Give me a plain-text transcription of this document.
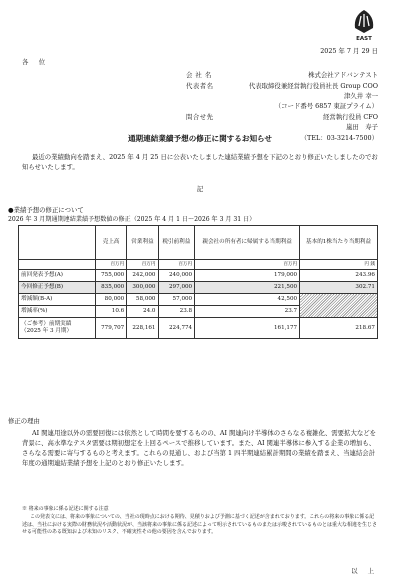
EAST
2025 年 7 月 29 日
各　位
会 社 名	株式会社アドバンテスト
代表者名	代表取締役兼経営執行役員社長 Group COO
津久井 幸一
（コード番号 6857 東証プライム）
問合せ先	経営執行役員 CFO
嵐田　寿子
（TEL：03-3214-7500）
通期連結業績予想の修正に関するお知らせ
最近の業績動向を踏まえ、2025 年 4 月 25 日に公表いたしました連結業績予想を下記のとおり修正いたしましたのでお知らせいたします。
記
●業績予想の修正について
2026 年 3 月期通期連結業績予想数値の修正（2025 年 4 月 1 日～2026 年 3 月 31 日）
	売上高	営業利益	税引前利益	親会社の所有者に帰属する当期利益	基本的1株当たり当期利益
	百万円	百万円	百万円	百万円	円 銭
前回発表予想(A)	755,000	242,000	240,000	179,000	243.96
今回修正予想(B)	835,000	300,000	297,000	221,500	302.71
増減額(B-A)	80,000	58,000	57,000	42,500	
増減率(%)	10.6	24.0	23.8	23.7	
（ご参考）前期実績
（2025 年 3 月期）	779,707	228,161	224,774	161,177	218.67
修正の理由
AI 関連用途以外の需要回復には依然として時間を要するものの、AI 関連向け半導体のさらなる複雑化、需要拡大などを背景に、高水準なテスタ需要は期初想定を上回るペースで推移しています。また、AI 関連半導体に参入する企業の増加も、さらなる需要に寄与するものと考えます。これらの見通し、および当第 1 四半期連結累計期間の業績を踏まえ、当連結会計年度の通期連結業績予想を上記のとおり修正いたします。
※ 将来の事象に係る記述に関する注意
この発表文には、将来の事象についての、当社の現時点における期待、見積りおよび予測に基づく記述が含まれております。これらの将来の事象に係る記述は、当社における実際の財務状況や活動状況が、当該将来の事象に係る記述によって明示されているものまたは示唆されているものとは重大な相違を生じさせる可能性のある既知および未知のリスク、不確実性その他の要因を含んでおります。
以 上
